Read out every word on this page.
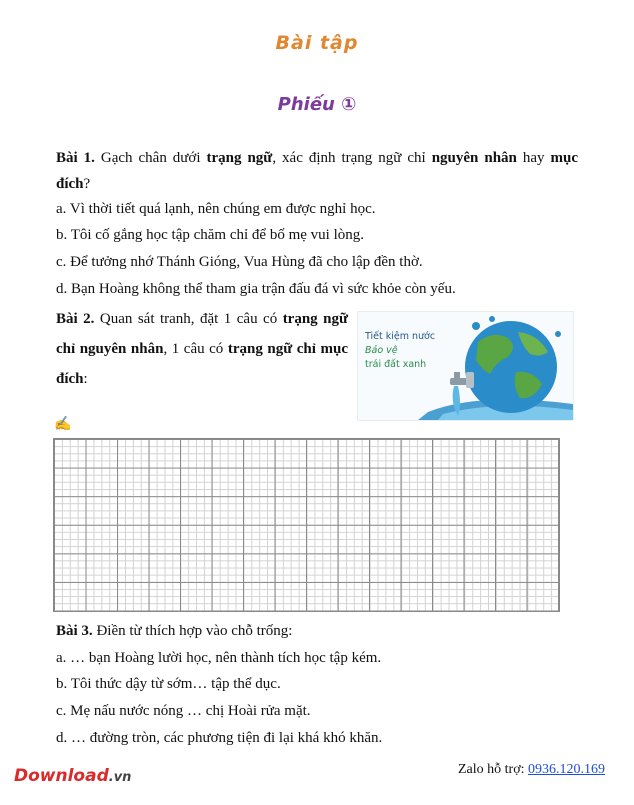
Bài tập
Phiếu ①
Bài 1. Gạch chân dưới trạng ngữ, xác định trạng ngữ chỉ nguyên nhân hay mục đích?
a. Vì thời tiết quá lạnh, nên chúng em được nghỉ học.
b. Tôi cố gắng học tập chăm chỉ để bố mẹ vui lòng.
c. Để tưởng nhớ Thánh Gióng, Vua Hùng đã cho lập đền thờ.
d. Bạn Hoàng không thể tham gia trận đấu đá vì sức khỏe còn yếu.
Bài 2. Quan sát tranh, đặt 1 câu có trạng ngữ chỉ nguyên nhân, 1 câu có trạng ngữ chỉ mục đích:
Tiết kiệm nước
Bảo vệ
trái đất xanh
✍
Bài 3. Điền từ thích hợp vào chỗ trống:
a. … bạn Hoàng lười học, nên thành tích học tập kém.
b. Tôi thức dậy từ sớm… tập thể dục.
c. Mẹ nấu nước nóng … chị Hoài rửa mặt.
d. … đường tròn, các phương tiện đi lại khá khó khăn.
Download.vn
Zalo hỗ trợ: 0936.120.169
